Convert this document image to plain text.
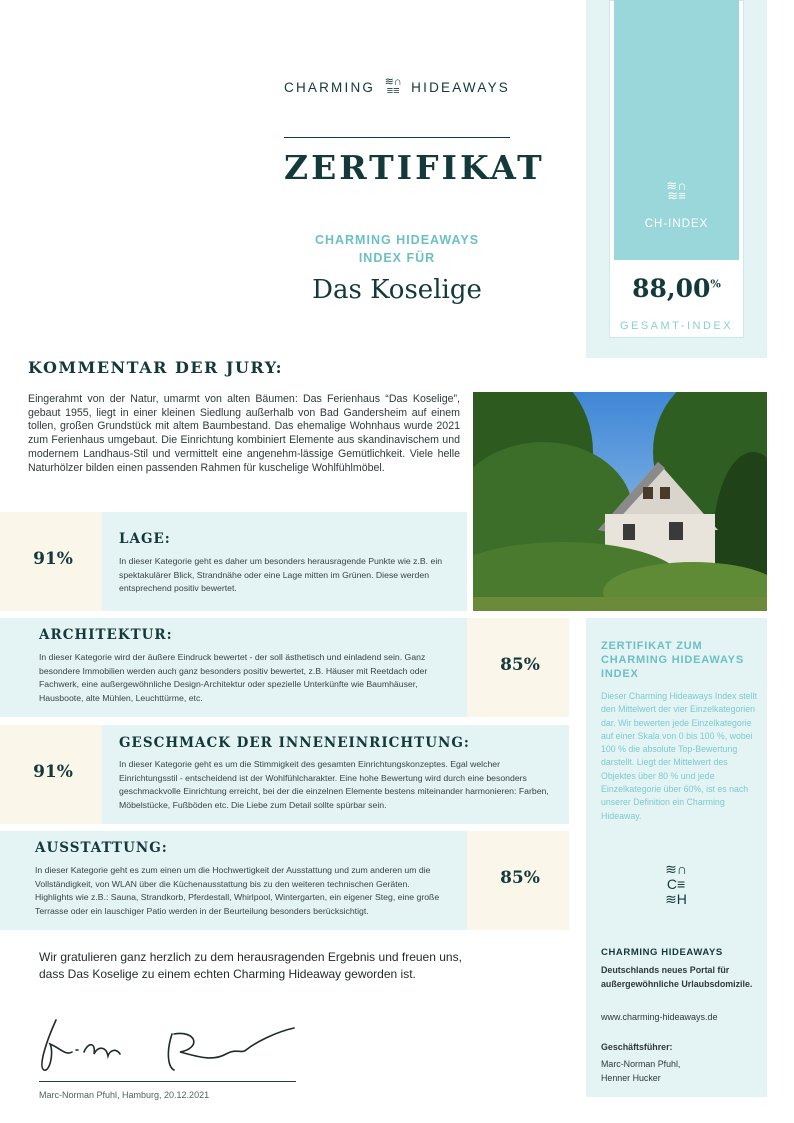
CHARMING ≋∩
≡≡ HIDEAWAYS
ZERTIFIKAT
CHARMING HIDEAWAYS
INDEX FÜR
Das Koselige
≋∩
≋≡
CH-INDEX
88,00%
GESAMT-INDEX
KOMMENTAR DER JURY:
Eingerahmt von der Natur, umarmt von alten Bäumen: Das Ferienhaus “Das Koselige”, gebaut 1955, liegt in einer kleinen Siedlung außerhalb von Bad Gandersheim auf einem tollen, großen Grundstück mit altem Baumbestand. Das ehemalige Wohnhaus wurde 2021 zum Ferienhaus umgebaut. Die Einrichtung kombiniert Elemente aus skandinavischem und modernem Landhaus-Stil und vermittelt eine angenehm-lässige Gemütlichkeit. Viele helle Naturhölzer bilden einen passenden Rahmen für kuschelige Wohlfühlmöbel.
91%
LAGE:
In dieser Kategorie geht es daher um besonders herausragende Punkte wie z.B. ein spektakulärer Blick, Strandnähe oder eine Lage mitten im Grünen. Diese werden entsprechend positiv bewertet.
85%
ARCHITEKTUR:
In dieser Kategorie wird der äußere Eindruck bewertet - der soll ästhetisch und einladend sein. Ganz besondere Immobilien werden auch ganz besonders positiv bewertet, z.B. Häuser mit Reetdach oder Fachwerk, eine außergewöhnliche Design-Architektur oder spezielle Unterkünfte wie Baumhäuser, Hausboote, alte Mühlen, Leuchttürme, etc.
91%
GESCHMACK DER INNENEINRICHTUNG:
In dieser Kategorie geht es um die Stimmigkeit des gesamten Einrichtungskonzeptes. Egal welcher Einrichtungsstil - entscheidend ist der Wohlfühlcharakter. Eine hohe Bewertung wird durch eine besonders geschmackvolle Einrichtung erreicht, bei der die einzelnen Elemente bestens miteinander harmonieren: Farben, Möbelstücke, Fußböden etc. Die Liebe zum Detail sollte spürbar sein.
85%
AUSSTATTUNG:
In dieser Kategorie geht es zum einen um die Hochwertigkeit der Ausstattung und zum anderen um die Vollständigkeit, von WLAN über die Küchenausstattung bis zu den weiteren technischen Geräten. Highlights wie z.B.: Sauna, Strandkorb, Pferdestall, Whirlpool, Wintergarten, ein eigener Steg, eine große Terrasse oder ein lauschiger Patio werden in der Beurteilung besonders berücksichtigt.
ZERTIFIKAT ZUM CHARMING HIDEAWAYS INDEX
Dieser Charming Hideaways Index stellt den Mittelwert der vier Einzelkategorien dar. Wir bewerten jede Einzelkategorie auf einer Skala von 0 bis 100 %, wobei 100 % die absolute Top-Bewertung darstellt. Liegt der Mittelwert des Objektes über 80 % und jede Einzelkategorie über 60%, ist es nach unserer Definition ein Charming Hideaway.
≋∩
C≡
≋H
CHARMING HIDEAWAYS
Deutschlands neues Portal für außergewöhnliche Urlaubsdomizile.
www.charming-hideaways.de
Geschäftsführer:
Marc-Norman Pfuhl,
Henner Hucker
Wir gratulieren ganz herzlich zu dem herausragenden Ergebnis und freuen uns, dass Das Koselige zu einem echten Charming Hideaway geworden ist.
Marc-Norman Pfuhl, Hamburg, 20.12.2021
